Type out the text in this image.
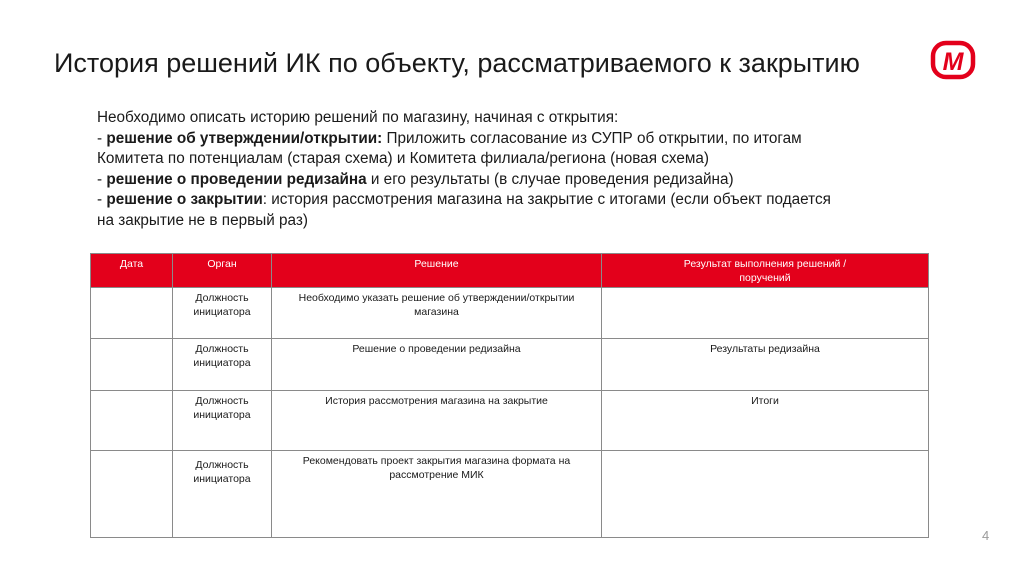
История решений ИК по объекту, рассматриваемого к закрытию	М
Необходимо описать историю решений по магазину, начиная с открытия:
- решение об утверждении/открытии: Приложить согласование из СУПР об открытии, по итогам
Комитета по потенциалам (старая схема) и Комитета филиала/региона (новая схема)
- решение о проведении редизайна и его результаты (в случае проведения редизайна)
- решение о закрытии: история рассмотрения магазина на закрытие с итогами (если объект подается
на закрытие не в первый раз)
Дата	Орган	Решение	Результат выполнения решений / поручений
	Должность инициатора	Необходимо указать решение об утверждении/открытии магазина	
	Должность инициатора	Решение о проведении редизайна	Результаты редизайна
	Должность инициатора	История рассмотрения магазина на закрытие	Итоги
	Должность инициатора	Рекомендовать проект закрытия магазина формата на рассмотрение МИК	
4
